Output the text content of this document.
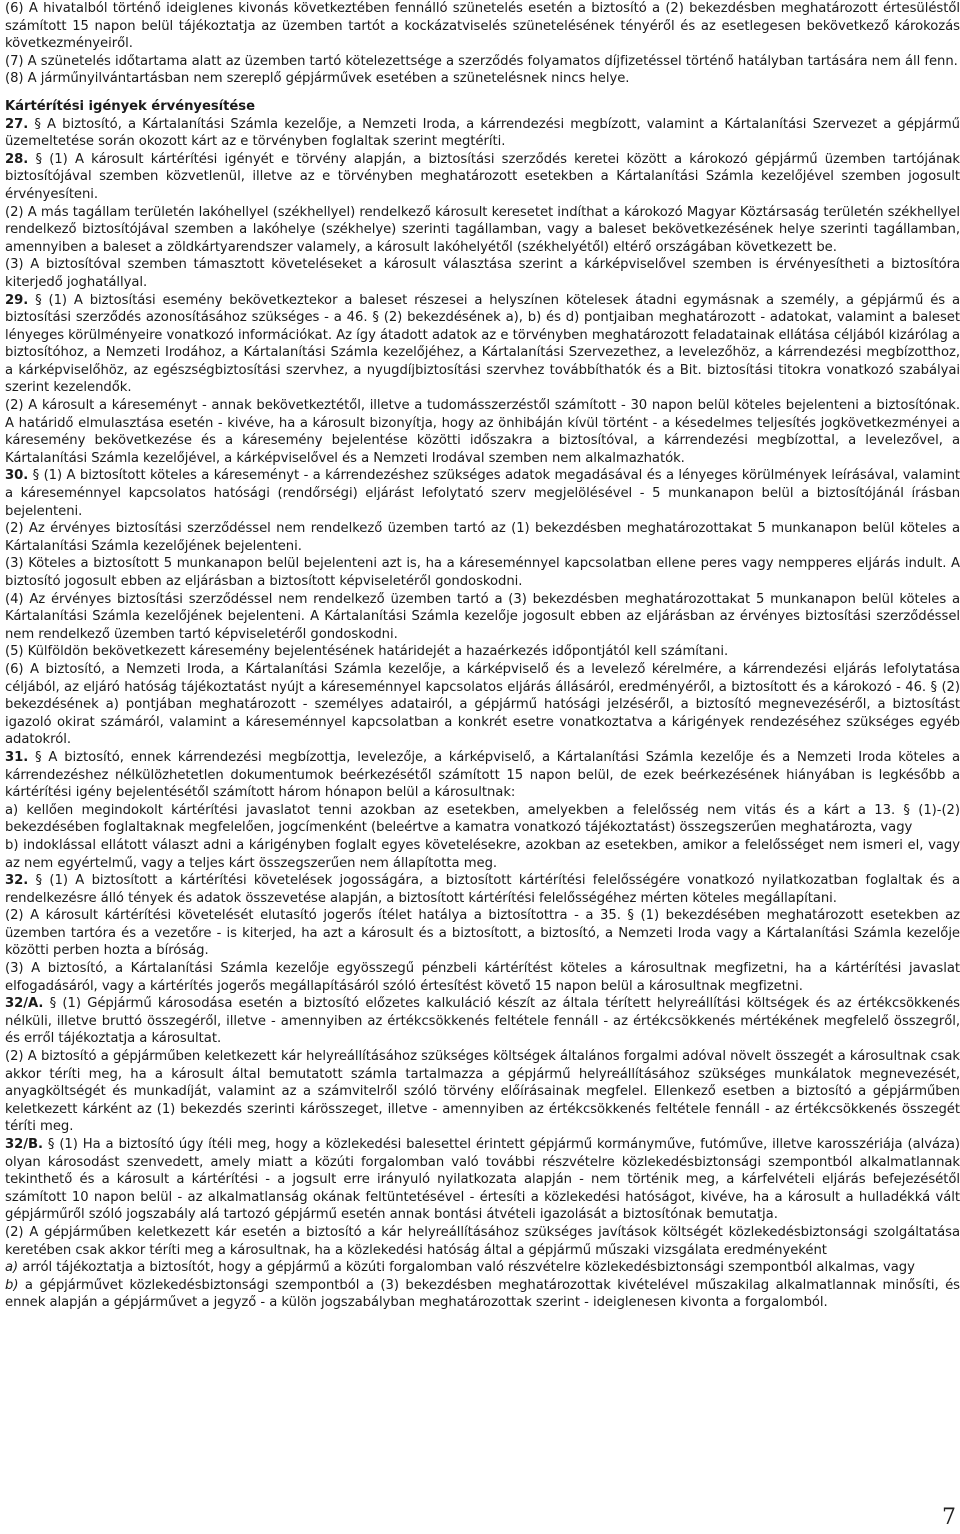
(6) A hivatalból történő ideiglenes kivonás következtében fennálló szünetelés esetén a biztosító a (2) bekezdésben meghatározott értesüléstől számított 15 napon belül tájékoztatja az üzemben tartót a kockázatviselés szünetelésének tényéről és az esetlegesen bekövetkező károkozás következményeiről.

(7) A szünetelés időtartama alatt az üzemben tartó kötelezettsége a szerződés folyamatos díjfizetéssel történő hatályban tartására nem áll fenn.

(8) A járműnyilvántartásban nem szereplő gépjárművek esetében a szünetelésnek nincs helye.

Kártérítési igények érvényesítése

27. § A biztosító, a Kártalanítási Számla kezelője, a Nemzeti Iroda, a kárrendezési megbízott, valamint a Kártalanítási Szervezet a gépjármű üzemeltetése során okozott kárt az e törvényben foglaltak szerint megtéríti.

28. § (1) A károsult kártérítési igényét e törvény alapján, a biztosítási szerződés keretei között a károkozó gépjármű üzemben tartójának biztosítójával szemben közvetlenül, illetve az e törvényben meghatározott esetekben a Kártalanítási Számla kezelőjével szemben jogosult érvényesíteni.

(2) A más tagállam területén lakóhellyel (székhellyel) rendelkező károsult keresetet indíthat a károkozó Magyar Köztársaság területén székhellyel rendelkező biztosítójával szemben a lakóhelye (székhelye) szerinti tagállamban, vagy a baleset bekövetkezésének helye szerinti tagállamban, amennyiben a baleset a zöldkártyarendszer valamely, a károsult lakóhelyétől (székhelyétől) eltérő országában következett be.

(3) A biztosítóval szemben támasztott követeléseket a károsult választása szerint a kárképviselővel szemben is érvényesítheti a biztosítóra kiterjedő joghatállyal.

29. § (1) A biztosítási esemény bekövetkeztekor a baleset részesei a helyszínen kötelesek átadni egymásnak a személy, a gépjármű és a biztosítási szerződés azonosításához szükséges - a 46. § (2) bekezdésének a), b) és d) pontjaiban meghatározott - adatokat, valamint a baleset lényeges körülményeire vonatkozó információkat. Az így átadott adatok az e törvényben meghatározott feladatainak ellátása céljából kizárólag a biztosítóhoz, a Nemzeti Irodához, a Kártalanítási Számla kezelőjéhez, a Kártalanítási Szervezethez, a levelezőhöz, a kárrendezési megbízotthoz, a kárképviselőhöz, az egészségbiztosítási szervhez, a nyugdíjbiztosítási szervhez továbbíthatók és a Bit. biztosítási titokra vonatkozó szabályai szerint kezelendők.

(2) A károsult a káreseményt - annak bekövetkeztétől, illetve a tudomásszerzéstől számított - 30 napon belül köteles bejelenteni a biztosítónak. A határidő elmulasztása esetén - kivéve, ha a károsult bizonyítja, hogy az önhibáján kívül történt - a késedelmes teljesítés jogkövetkezményei a káresemény bekövetkezése és a káresemény bejelentése közötti időszakra a biztosítóval, a kárrendezési megbízottal, a levelezővel, a Kártalanítási Számla kezelőjével, a kárképviselővel és a Nemzeti Irodával szemben nem alkalmazhatók.

30. § (1) A biztosított köteles a káreseményt - a kárrendezéshez szükséges adatok megadásával és a lényeges körülmények leírásával, valamint a káreseménnyel kapcsolatos hatósági (rendőrségi) eljárást lefolytató szerv megjelölésével - 5 munkanapon belül a biztosítójánál írásban bejelenteni.

(2) Az érvényes biztosítási szerződéssel nem rendelkező üzemben tartó az (1) bekezdésben meghatározottakat 5 munkanapon belül köteles a Kártalanítási Számla kezelőjének bejelenteni.

(3) Köteles a biztosított 5 munkanapon belül bejelenteni azt is, ha a káreseménnyel kapcsolatban ellene peres vagy nempperes eljárás indult. A biztosító jogosult ebben az eljárásban a biztosított képviseletéről gondoskodni.

(4) Az érvényes biztosítási szerződéssel nem rendelkező üzemben tartó a (3) bekezdésben meghatározottakat 5 munkanapon belül köteles a Kártalanítási Számla kezelőjének bejelenteni. A Kártalanítási Számla kezelője jogosult ebben az eljárásban az érvényes biztosítási szerződéssel nem rendelkező üzemben tartó képviseletéről gondoskodni.

(5) Külföldön bekövetkezett káresemény bejelentésének határidejét a hazaérkezés időpontjától kell számítani.

(6) A biztosító, a Nemzeti Iroda, a Kártalanítási Számla kezelője, a kárképviselő és a levelező kérelmére, a kárrendezési eljárás lefolytatása céljából, az eljáró hatóság tájékoztatást nyújt a káreseménnyel kapcsolatos eljárás állásáról, eredményéről, a biztosított és a károkozó - 46. § (2) bekezdésének a) pontjában meghatározott - személyes adatairól, a gépjármű hatósági jelzéséről, a biztosító megnevezéséről, a biztosítást igazoló okirat számáról, valamint a káreseménnyel kapcsolatban a konkrét esetre vonatkoztatva a kárigények rendezéséhez szükséges egyéb adatokról.

31. § A biztosító, ennek kárrendezési megbízottja, levelezője, a kárképviselő, a Kártalanítási Számla kezelője és a Nemzeti Iroda köteles a kárrendezéshez nélkülözhetetlen dokumentumok beérkezésétől számított 15 napon belül, de ezek beérkezésének hiányában is legkésőbb a kártérítési igény bejelentésétől számított három hónapon belül a károsultnak:

a) kellően megindokolt kártérítési javaslatot tenni azokban az esetekben, amelyekben a felelősség nem vitás és a kárt a 13. § (1)-(2) bekezdésében foglaltaknak megfelelően, jogcímenként (beleértve a kamatra vonatkozó tájékoztatást) összegszerűen meghatározta, vagy

b) indoklással ellátott választ adni a kárigényben foglalt egyes követelésekre, azokban az esetekben, amikor a felelősséget nem ismeri el, vagy az nem egyértelmű, vagy a teljes kárt összegszerűen nem állapította meg.

32. § (1) A biztosított a kártérítési követelések jogosságára, a biztosított kártérítési felelősségére vonatkozó nyilatkozatban foglaltak és a rendelkezésre álló tények és adatok összevetése alapján, a biztosított kártérítési felelősségéhez mérten köteles megállapítani.

(2) A károsult kártérítési követelését elutasító jogerős ítélet hatálya a biztosítottra - a 35. § (1) bekezdésében meghatározott esetekben az üzemben tartóra és a vezetőre - is kiterjed, ha azt a károsult és a biztosított, a biztosító, a Nemzeti Iroda vagy a Kártalanítási Számla kezelője közötti perben hozta a bíróság.

(3) A biztosító, a Kártalanítási Számla kezelője egyösszegű pénzbeli kártérítést köteles a károsultnak megfizetni, ha a kártérítési javaslat elfogadásáról, vagy a kártérítés jogerős megállapításáról szóló értesítést követő 15 napon belül a károsultnak megfizetni.

32/A. § (1) Gépjármű károsodása esetén a biztosító előzetes kalkuláció készít az általa térített helyreállítási költségek és az értékcsökkenés nélküli, illetve bruttó összegéről, illetve - amennyiben az értékcsökkenés feltétele fennáll - az értékcsökkenés mértékének megfelelő összegről, és erről tájékoztatja a károsultat.

(2) A biztosító a gépjárműben keletkezett kár helyreállításához szükséges költségek általános forgalmi adóval növelt összegét a károsultnak csak akkor téríti meg, ha a károsult által bemutatott számla tartalmazza a gépjármű helyreállításához szükséges munkálatok megnevezését, anyagköltségét és munkadíját, valamint az a számvitelről szóló törvény előírásainak megfelel. Ellenkező esetben a biztosító a gépjárműben keletkezett kárként az (1) bekezdés szerinti kárösszeget, illetve - amennyiben az értékcsökkenés feltétele fennáll - az értékcsökkenés összegét téríti meg.

32/B. § (1) Ha a biztosító úgy ítéli meg, hogy a közlekedési balesettel érintett gépjármű kormányműve, futóműve, illetve karosszériája (alváza) olyan károsodást szenvedett, amely miatt a közúti forgalomban való további részvételre közlekedésbiztonsági szempontból alkalmatlannak tekinthető és a károsult a kártérítési - a jogsult erre irányuló nyilatkozata alapján - nem történik meg, a kárfelvételi eljárás befejezésétől számított 10 napon belül - az alkalmatlanság okának feltüntetésével - értesíti a közlekedési hatóságot, kivéve, ha a károsult a hulladékká vált gépjárműről szóló jogszabály alá tartozó gépjármű esetén annak bontási átvételi igazolását a biztosítónak bemutatja.

(2) A gépjárműben keletkezett kár esetén a biztosító a kár helyreállításához szükséges javítások költségét közlekedésbiztonsági szolgáltatása keretében csak akkor téríti meg a károsultnak, ha a közlekedési hatóság által a gépjármű műszaki vizsgálata eredményeként

a) arról tájékoztatja a biztosítót, hogy a gépjármű a közúti forgalomban való részvételre közlekedésbiztonsági szempontból alkalmas, vagy

b) a gépjárművet közlekedésbiztonsági szempontból a (3) bekezdésben meghatározottak kivételével műszakilag alkalmatlannak minősíti, és ennek alapján a gépjárművet a jegyző - a külön jogszabályban meghatározottak szerint - ideiglenesen kivonta a forgalomból.

7
